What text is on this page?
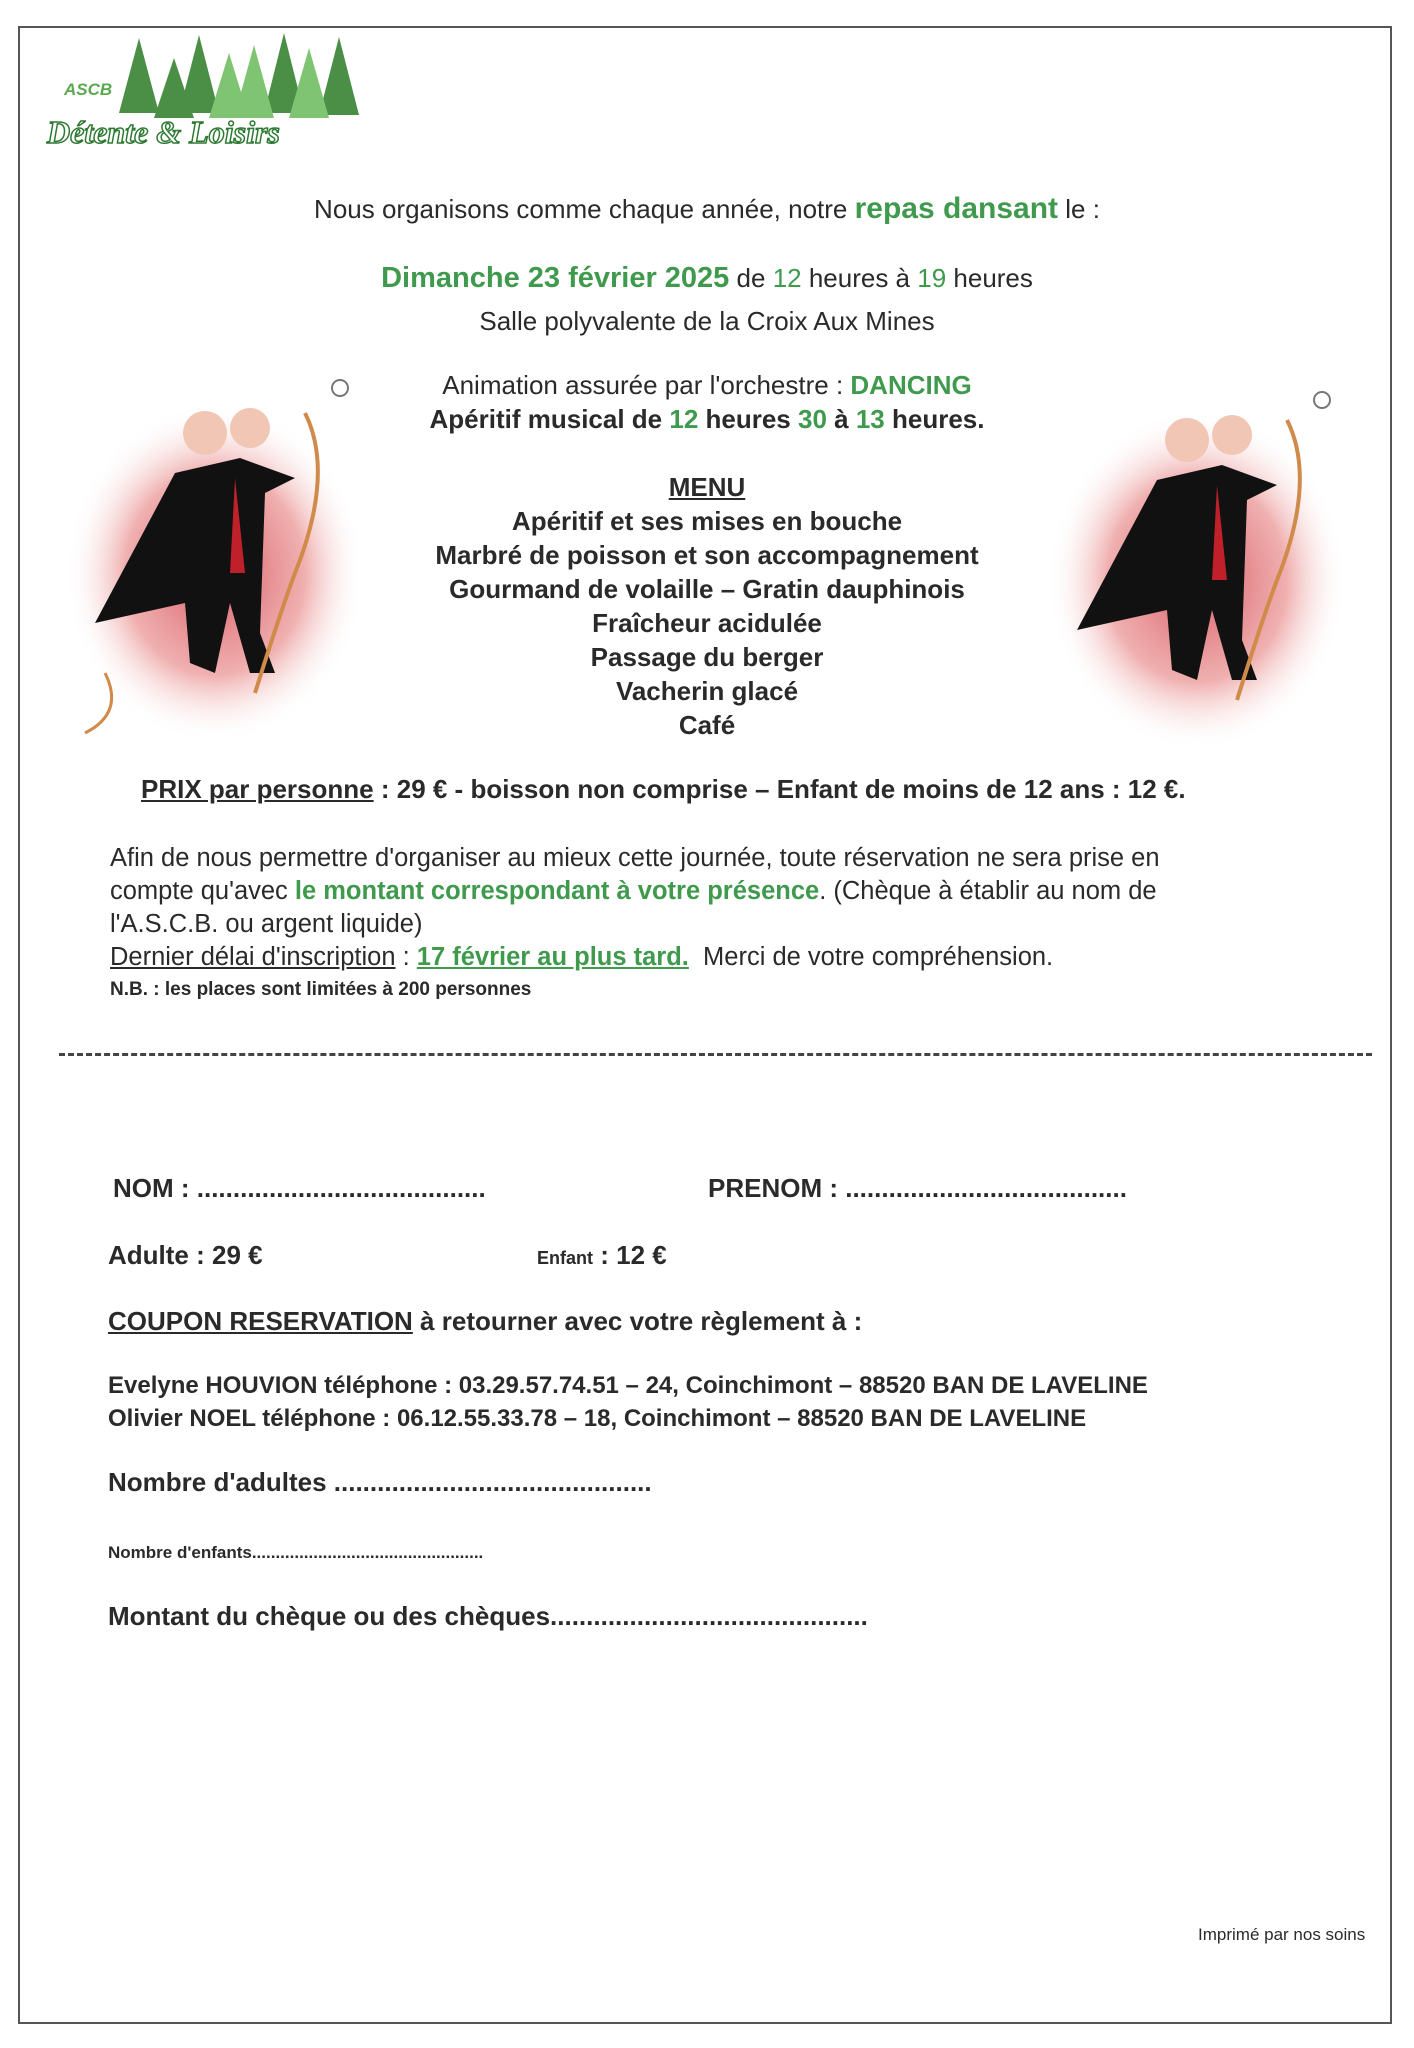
ASCB
Détente & Loisirs
Nous organisons comme chaque année, notre repas dansant le :
Dimanche 23 février 2025 de 12 heures à 19 heures
Salle polyvalente de la Croix Aux Mines
Animation assurée par l'orchestre : DANCING
Apéritif musical de 12 heures 30 à 13 heures.
MENU
Apéritif et ses mises en bouche
Marbré de poisson et son accompagnement
Gourmand de volaille – Gratin dauphinois
Fraîcheur acidulée
Passage du berger
Vacherin glacé
Café
PRIX par personne : 29 € - boisson non comprise – Enfant de moins de 12 ans : 12 €.
Afin de nous permettre d'organiser au mieux cette journée, toute réservation ne sera prise en
compte qu'avec le montant correspondant à votre présence. (Chèque à établir au nom de
l'A.S.C.B. ou argent liquide)
Dernier délai d'inscription : 17 février au plus tard.  Merci de votre compréhension.
N.B. : les places sont limitées à 200 personnes
NOM : ........................................	PRENOM : .......................................
Adulte : 29 €	Enfant : 12 €
COUPON RESERVATION à retourner avec votre règlement à :
Evelyne HOUVION téléphone : 03.29.57.74.51 – 24, Coinchimont – 88520 BAN DE LAVELINE
Olivier NOEL téléphone : 06.12.55.33.78 – 18, Coinchimont – 88520 BAN DE LAVELINE
Nombre d'adultes ............................................
Nombre d'enfants.................................................
Montant du chèque ou des chèques............................................
Imprimé par nos soins
